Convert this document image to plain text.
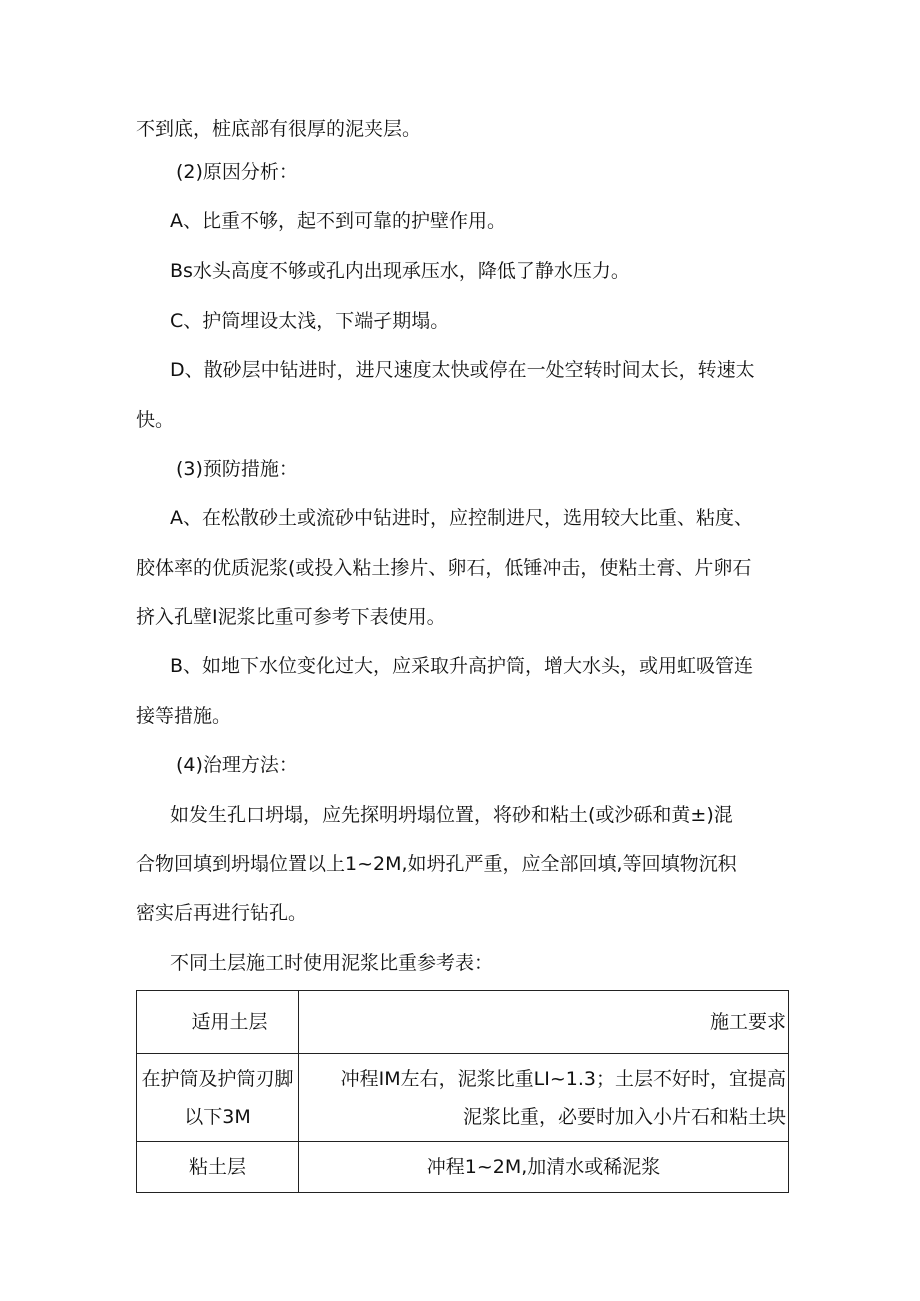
不到底，桩底部有很厚的泥夹层。
(2)原因分析：
A、比重不够，起不到可靠的护壁作用。
Bs水头高度不够或孔内出现承压水，降低了静水压力。
C、护筒埋设太浅，下端孑期塌。
D、散砂层中钻进时，进尺速度太快或停在一处空转时间太长，转速太
快。
(3)预防措施：
A、在松散砂土或流砂中钻进时，应控制进尺，选用较大比重、粘度、
胶体率的优质泥浆(或投入粘土掺片、卵石，低锤冲击，使粘土膏、片卵石
挤入孔壁I泥浆比重可参考下表使用。
B、如地下水位变化过大，应采取升高护筒，增大水头，或用虹吸管连
接等措施。
(4)治理方法：
如发生孔口坍塌，应先探明坍塌位置，将砂和粘土(或沙砾和黄±)混
合物回填到坍塌位置以上1~2M,如坍孔严重，应全部回填,等回填物沉积
密实后再进行钻孔。
不同土层施工时使用泥浆比重参考表：
适用土层	施工要求

在护筒及护筒刃脚
以下3M	冲程IM左右，泥浆比重LI~1.3；土层不好时，宜提高
泥浆比重，必要时加入小片石和粘土块

粘土层	冲程1~2M,加清水或稀泥浆
